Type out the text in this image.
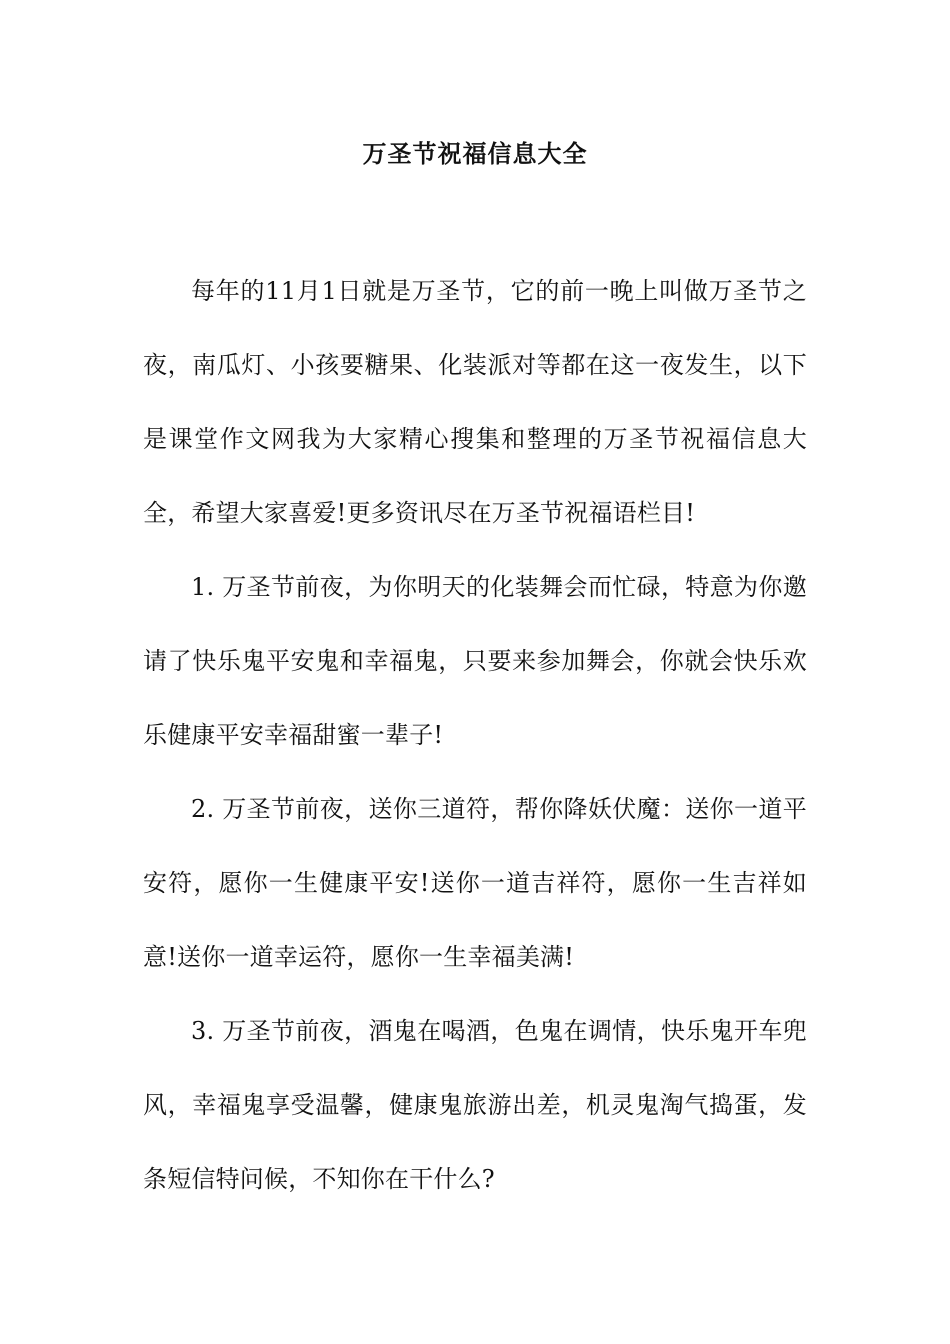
万圣节祝福信息大全

每年的11月1日就是万圣节，它的前一晚上叫做万圣节之夜，南瓜灯、小孩要糖果、化装派对等都在这一夜发生，以下是课堂作文网我为大家精心搜集和整理的万圣节祝福信息大全，希望大家喜爱!更多资讯尽在万圣节祝福语栏目!

1. 万圣节前夜，为你明天的化装舞会而忙碌，特意为你邀请了快乐鬼平安鬼和幸福鬼，只要来参加舞会，你就会快乐欢乐健康平安幸福甜蜜一辈子!

2. 万圣节前夜，送你三道符，帮你降妖伏魔：送你一道平安符，愿你一生健康平安!送你一道吉祥符，愿你一生吉祥如意!送你一道幸运符，愿你一生幸福美满!

3. 万圣节前夜，酒鬼在喝酒，色鬼在调情，快乐鬼开车兜风，幸福鬼享受温馨，健康鬼旅游出差，机灵鬼淘气捣蛋，发条短信特问候，不知你在干什么?
